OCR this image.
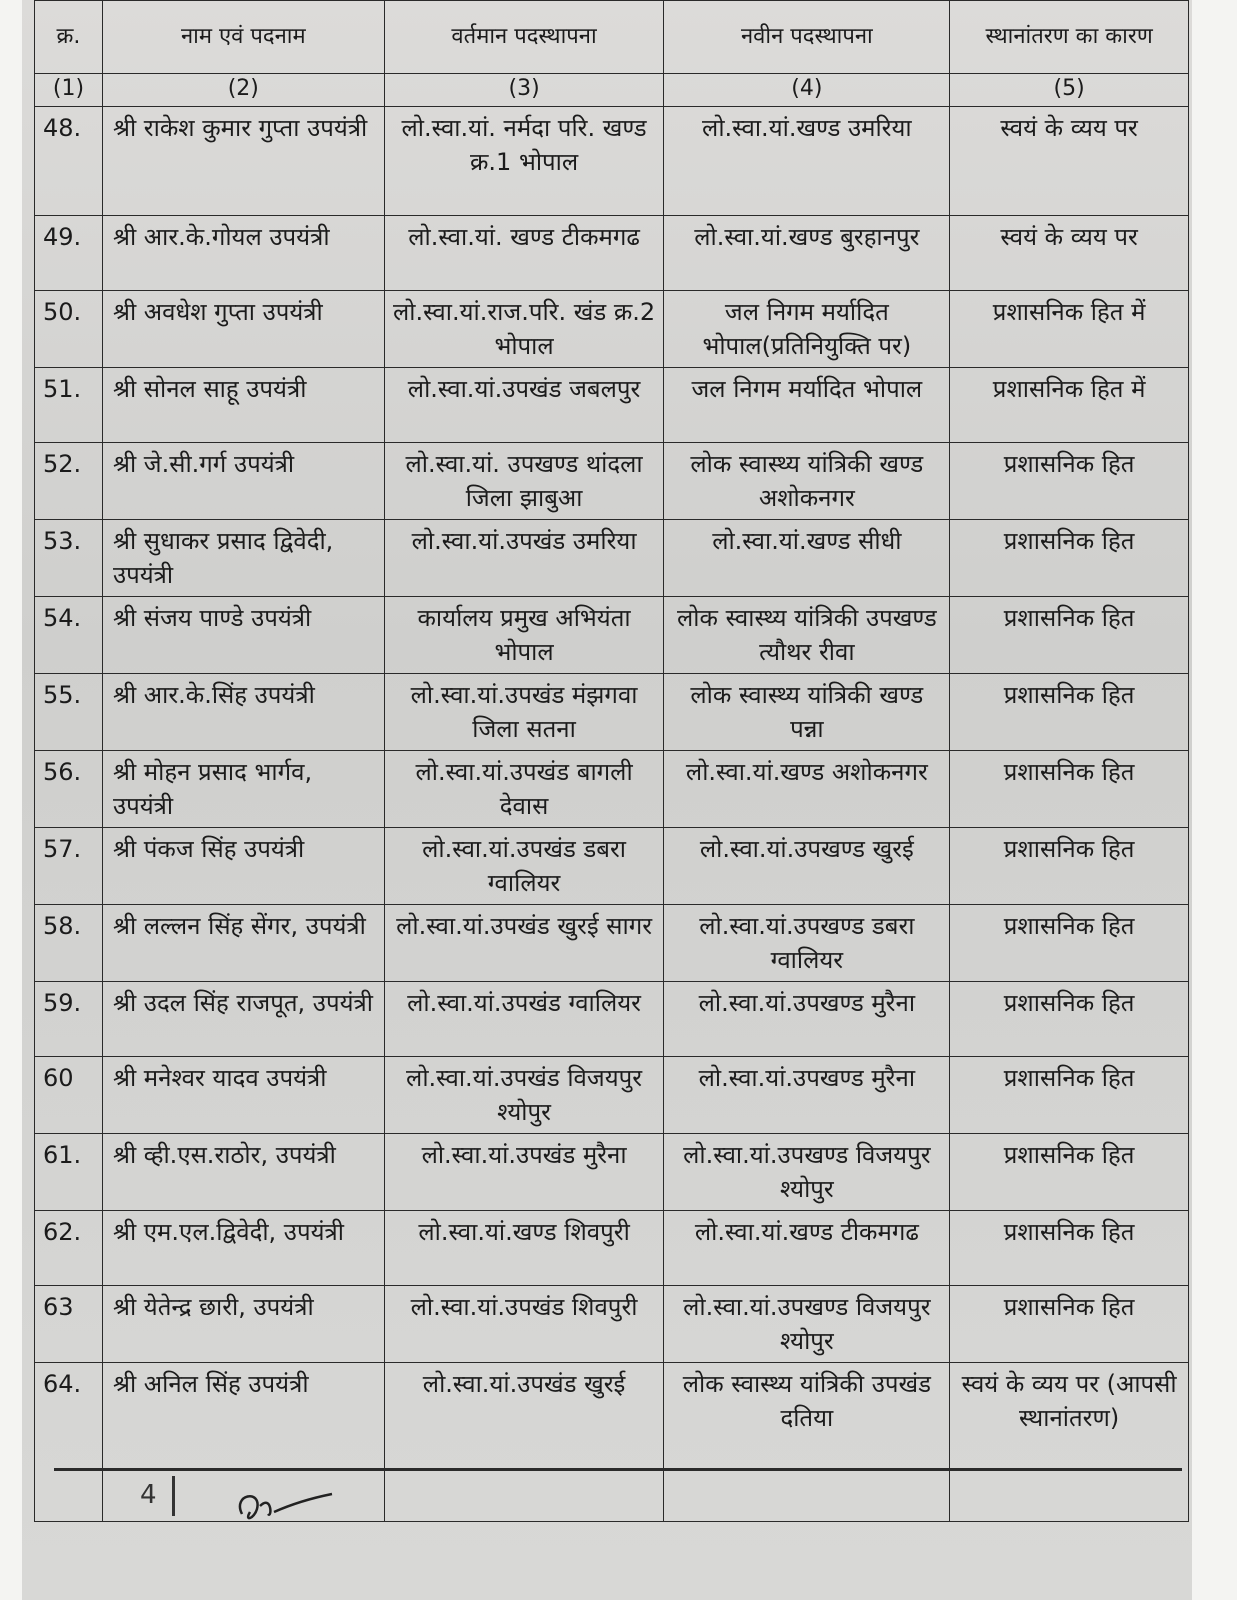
क्र.	नाम एवं पदनाम	वर्तमान पदस्थापना	नवीन पदस्थापना	स्थानांतरण का कारण
(1)	(2)	(3)	(4)	(5)
48.	श्री राकेश कुमार गुप्ता उपयंत्री	लो.स्वा.यां. नर्मदा परि. खण्ड क्र.1 भोपाल	लो.स्वा.यां.खण्ड उमरिया	स्वयं के व्यय पर
49.	श्री आर.के.गोयल उपयंत्री	लो.स्वा.यां. खण्ड टीकमगढ	लो.स्वा.यां.खण्ड बुरहानपुर	स्वयं के व्यय पर
50.	श्री अवधेश गुप्ता उपयंत्री	लो.स्वा.यां.राज.परि. खंड क्र.2 भोपाल	जल निगम मर्यादित भोपाल(प्रतिनियुक्ति पर)	प्रशासनिक हित में
51.	श्री सोनल साहू उपयंत्री	लो.स्वा.यां.उपखंड जबलपुर	जल निगम मर्यादित भोपाल	प्रशासनिक हित में
52.	श्री जे.सी.गर्ग उपयंत्री	लो.स्वा.यां. उपखण्ड थांदला जिला झाबुआ	लोक स्वास्थ्य यांत्रिकी खण्ड अशोकनगर	प्रशासनिक हित
53.	श्री सुधाकर प्रसाद द्विवेदी, उपयंत्री	लो.स्वा.यां.उपखंड उमरिया	लो.स्वा.यां.खण्ड सीधी	प्रशासनिक हित
54.	श्री संजय पाण्डे उपयंत्री	कार्यालय प्रमुख अभियंता भोपाल	लोक स्वास्थ्य यांत्रिकी उपखण्ड त्यौथर रीवा	प्रशासनिक हित
55.	श्री आर.के.सिंह उपयंत्री	लो.स्वा.यां.उपखंड मंझगवा जिला सतना	लोक स्वास्थ्य यांत्रिकी खण्ड पन्ना	प्रशासनिक हित
56.	श्री मोहन प्रसाद भार्गव, उपयंत्री	लो.स्वा.यां.उपखंड बागली देवास	लो.स्वा.यां.खण्ड अशोकनगर	प्रशासनिक हित
57.	श्री पंकज सिंह उपयंत्री	लो.स्वा.यां.उपखंड डबरा ग्वालियर	लो.स्वा.यां.उपखण्ड खुरई	प्रशासनिक हित
58.	श्री लल्लन सिंह सेंगर, उपयंत्री	लो.स्वा.यां.उपखंड खुरई सागर	लो.स्वा.यां.उपखण्ड डबरा ग्वालियर	प्रशासनिक हित
59.	श्री उदल सिंह राजपूत, उपयंत्री	लो.स्वा.यां.उपखंड ग्वालियर	लो.स्वा.यां.उपखण्ड मुरैना	प्रशासनिक हित
60	श्री मनेश्वर यादव उपयंत्री	लो.स्वा.यां.उपखंड विजयपुर श्योपुर	लो.स्वा.यां.उपखण्ड मुरैना	प्रशासनिक हित
61.	श्री व्ही.एस.राठोर, उपयंत्री	लो.स्वा.यां.उपखंड मुरैना	लो.स्वा.यां.उपखण्ड विजयपुर श्योपुर	प्रशासनिक हित
62.	श्री एम.एल.द्विवेदी, उपयंत्री	लो.स्वा.यां.खण्ड शिवपुरी	लो.स्वा.यां.खण्ड टीकमगढ	प्रशासनिक हित
63	श्री येतेन्द्र छारी, उपयंत्री	लो.स्वा.यां.उपखंड शिवपुरी	लो.स्वा.यां.उपखण्ड विजयपुर श्योपुर	प्रशासनिक हित
64.	श्री अनिल सिंह उपयंत्री	लो.स्वा.यां.उपखंड खुरई	लोक स्वास्थ्य यांत्रिकी उपखंड दतिया	स्वयं के व्यय पर (आपसी स्थानांतरण)
4
